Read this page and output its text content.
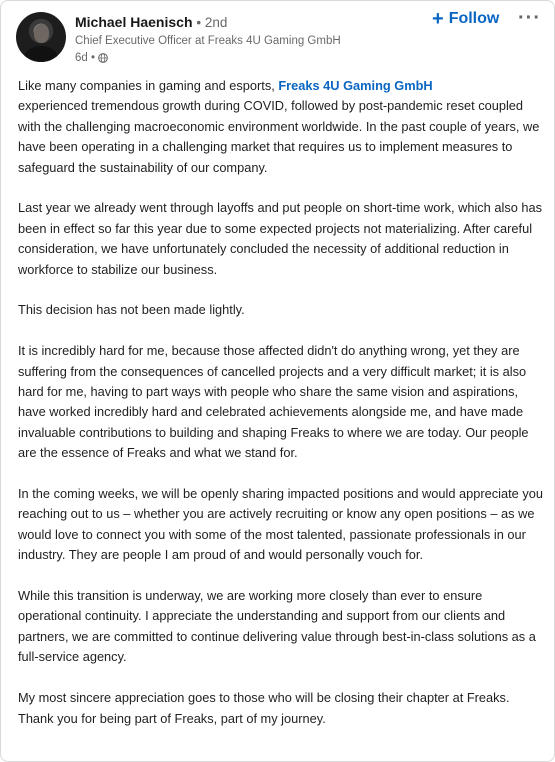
Michael Haenisch • 2nd
Chief Executive Officer at Freaks 4U Gaming GmbH
6d •
+ Follow ···

Like many companies in gaming and esports, Freaks 4U Gaming GmbH
experienced tremendous growth during COVID, followed by post-pandemic reset coupled with the challenging macroeconomic environment worldwide. In the past couple of years, we have been operating in a challenging market that requires us to implement measures to safeguard the sustainability of our company.

Last year we already went through layoffs and put people on short-time work, which also has been in effect so far this year due to some expected projects not materializing. After careful consideration, we have unfortunately concluded the necessity of additional reduction in workforce to stabilize our business.

This decision has not been made lightly.

It is incredibly hard for me, because those affected didn't do anything wrong, yet they are suffering from the consequences of cancelled projects and a very difficult market; it is also hard for me, having to part ways with people who share the same vision and aspirations, have worked incredibly hard and celebrated achievements alongside me, and have made invaluable contributions to building and shaping Freaks to where we are today. Our people are the essence of Freaks and what we stand for.

In the coming weeks, we will be openly sharing impacted positions and would appreciate you reaching out to us – whether you are actively recruiting or know any open positions – as we would love to connect you with some of the most talented, passionate professionals in our industry. They are people I am proud of and would personally vouch for.

While this transition is underway, we are working more closely than ever to ensure operational continuity. I appreciate the understanding and support from our clients and partners, we are committed to continue delivering value through best-in-class solutions as a full-service agency.

My most sincere appreciation goes to those who will be closing their chapter at Freaks. Thank you for being part of Freaks, part of my journey.
